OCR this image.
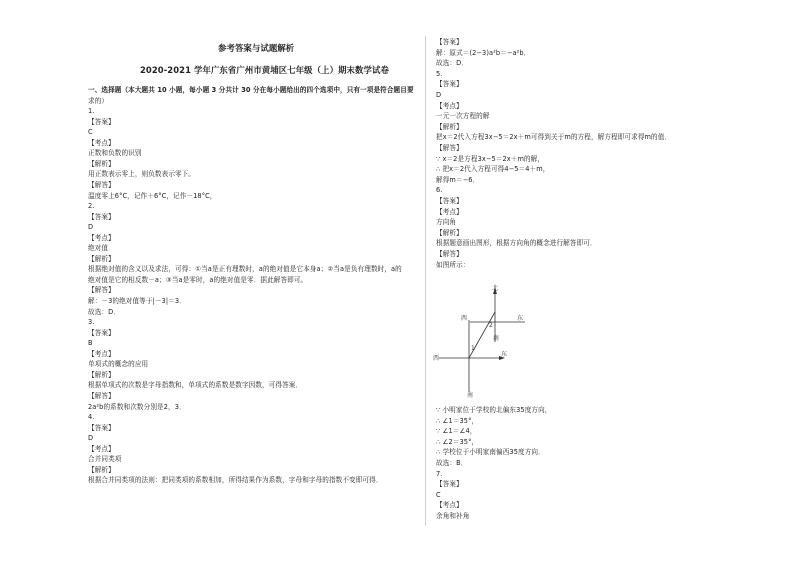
参考答案与试题解析
2020-2021 学年广东省广州市黄埔区七年级（上）期末数学试卷
一、选择题（本大题共 10 小题，每小题 3 分共计 30 分在每小题给出的四个选项中，只有一项是符合题目要
求的）
1.
【答案】
C
【考点】
正数和负数的识别
【解析】
用正数表示零上，则负数表示零下。
【解答】
温度零上6°C，记作＋6°C，记作－18°C，
2.
【答案】
D
【考点】
绝对值
【解析】
根据绝对值的含义以及求法，可得：①当a是正有理数时，a的绝对值是它本身a；②当a是负有理数时，a的
绝对值是它的相反数－a；③当a是零时，a的绝对值是零．据此解答即可。
【解答】
解：－3的绝对值等于|－3|＝3．
故选：D．
3.
【答案】
B
【考点】
单项式的概念的应用
【解析】
根据单项式的次数是字母指数和，单项式的系数是数字因数，可得答案．
【解答】
2a²b的系数和次数分别是2，3．
4.
【答案】
D
【考点】
合并同类项
【解析】
根据合并同类项的法则：把同类项的系数相加，所得结果作为系数，字母和字母的指数不变即可得．
【答案】
解：原式＝(2−3)a²b＝−a²b．
故选：D．
5.
【答案】
D
【考点】
一元一次方程的解
【解析】
把x＝2代入方程3x−5＝2x＋m可得到关于m的方程，解方程即可求得m的值．
【解答】
∵ x＝2是方程3x−5＝2x＋m的解，
∴ 把x＝2代入方程可得4−5＝4＋m，
解得m＝−6．
6.
【答案】
【考点】
方向角
【解析】
根据题意画出图形，根据方向角的概念进行解答即可．
【解答】
如图所示：
∵ 小明家位于学校的北偏东35度方向，
∴ ∠1＝35°，
∵ ∠1＝∠4，
∴ ∠2＝35°，
∴ 学校位于小明家南偏西35度方向．
故选：B．
7.
【答案】
C
【考点】
余角和补角
北
东
西
南
西
东
南
1
2
